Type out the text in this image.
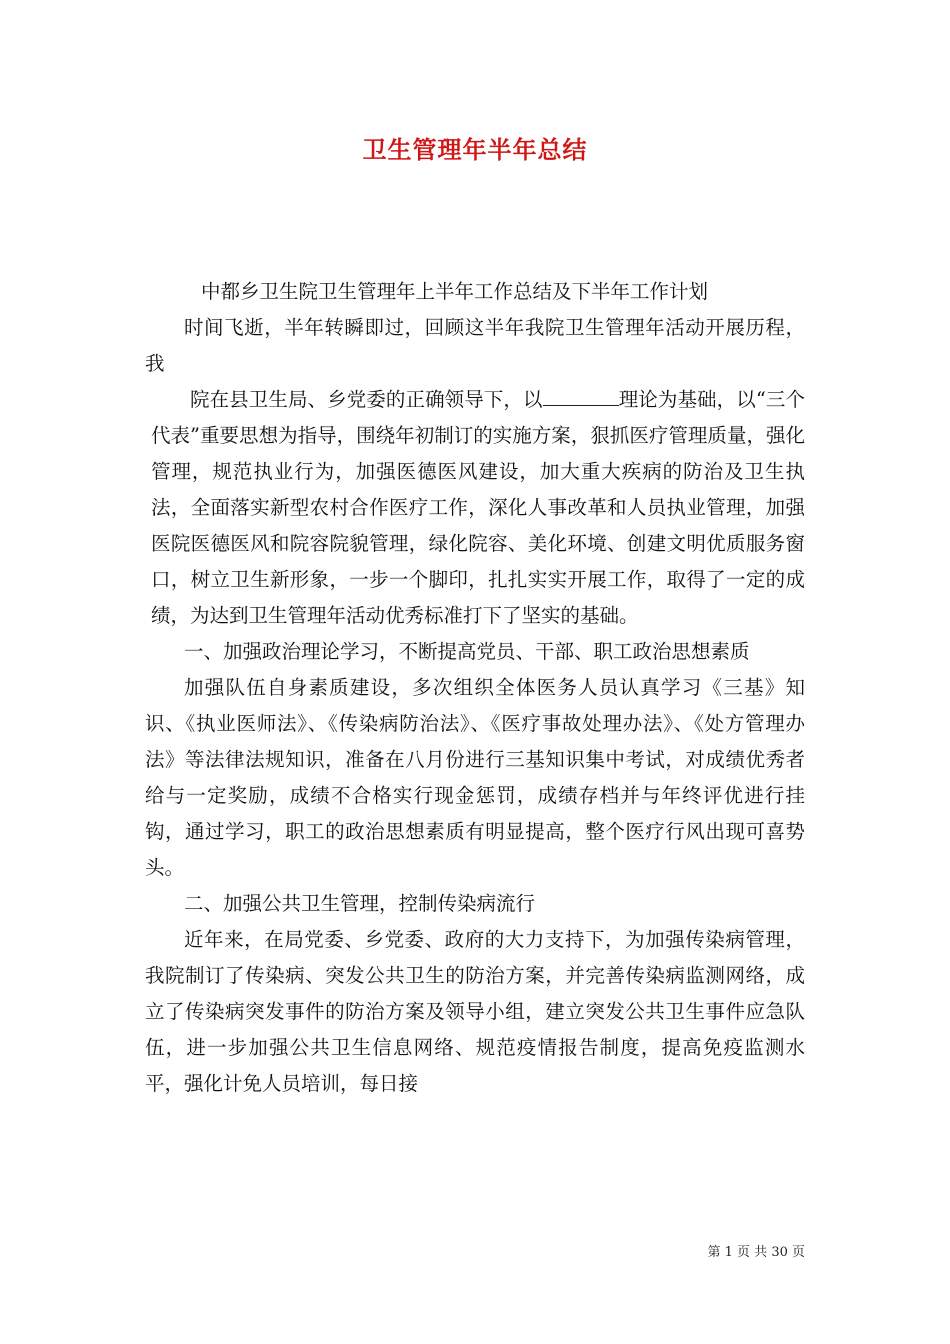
卫生管理年半年总结

中都乡卫生院卫生管理年上半年工作总结及下半年工作计划

时间飞逝，半年转瞬即过，回顾这半年我院卫生管理年活动开展历程，我

院在县卫生局、乡党委的正确领导下，以	理论为基础，以“三个代表”重要思想为指导，围绕年初制订的实施方案，狠抓医疗管理质量，强化管理，规范执业行为，加强医德医风建设，加大重大疾病的防治及卫生执法，全面落实新型农村合作医疗工作，深化人事改革和人员执业管理，加强医院医德医风和院容院貌管理，绿化院容、美化环境、创建文明优质服务窗口，树立卫生新形象，一步一个脚印，扎扎实实开展工作，取得了一定的成绩，为达到卫生管理年活动优秀标准打下了坚实的基础。

一、加强政治理论学习，不断提高党员、干部、职工政治思想素质

加强队伍自身素质建设，多次组织全体医务人员认真学习《三基》知识、《执业医师法》、《传染病防治法》、《医疗事故处理办法》、《处方管理办法》等法律法规知识，准备在八月份进行三基知识集中考试，对成绩优秀者给与一定奖励，成绩不合格实行现金惩罚，成绩存档并与年终评优进行挂钩，通过学习，职工的政治思想素质有明显提高，整个医疗行风出现可喜势头。

二、加强公共卫生管理，控制传染病流行

近年来，在局党委、乡党委、政府的大力支持下，为加强传染病管理，我院制订了传染病、突发公共卫生的防治方案，并完善传染病监测网络，成立了传染病突发事件的防治方案及领导小组，建立突发公共卫生事件应急队伍，进一步加强公共卫生信息网络、规范疫情报告制度，提高免疫监测水平，强化计免人员培训，每日接

第 1 页 共 30 页
